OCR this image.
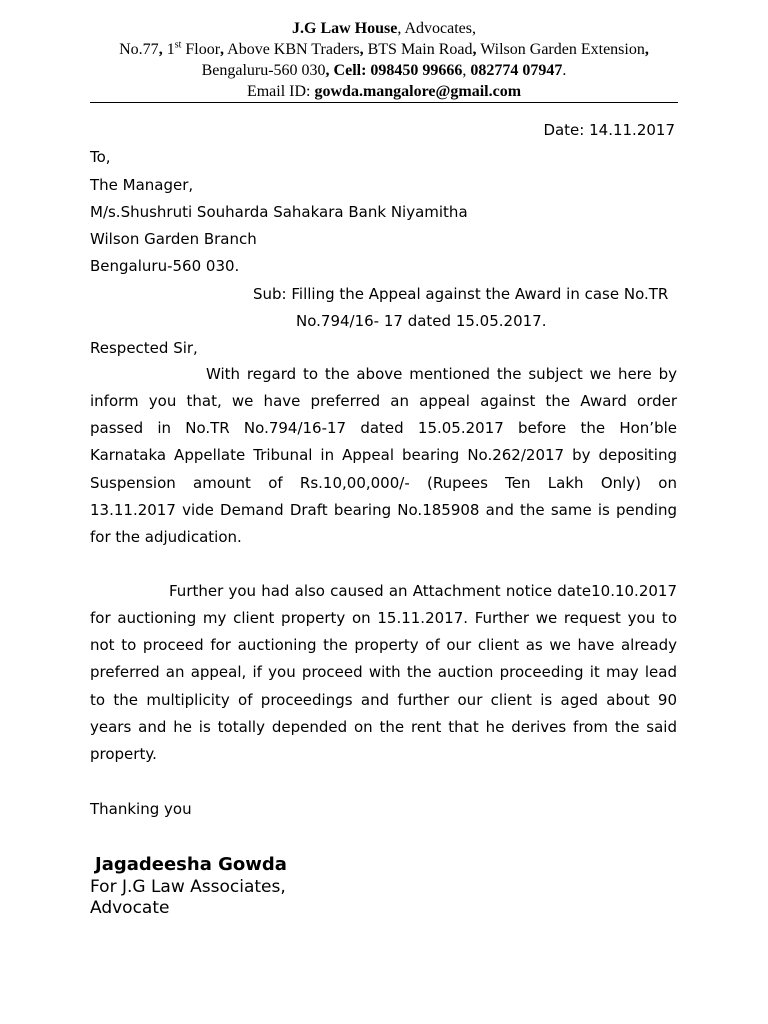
J.G Law House, Advocates,
No.77, 1st Floor, Above KBN Traders, BTS Main Road, Wilson Garden Extension,
Bengaluru-560 030, Cell: 098450 99666, 082774 07947.
Email ID: gowda.mangalore@gmail.com
Date: 14.11.2017
To,
The Manager,
M/s.Shushruti Souharda Sahakara Bank Niyamitha
Wilson Garden Branch
Bengaluru-560 030.
Sub: Filling the Appeal against the Award in case No.TR
No.794/16- 17 dated 15.05.2017.
Respected Sir,
With regard to the above mentioned the subject we here by
inform you that, we have preferred an appeal against the Award order
passed in No.TR No.794/16-17 dated 15.05.2017 before the Hon’ble
Karnataka Appellate Tribunal in Appeal bearing No.262/2017 by depositing
Suspension amount of Rs.10,00,000/- (Rupees Ten Lakh Only) on
13.11.2017 vide Demand Draft bearing No.185908 and the same is pending
for the adjudication.
Further you had also caused an Attachment notice date10.10.2017
for auctioning my client property on 15.11.2017. Further we request you to
not to proceed for auctioning the property of our client as we have already
preferred an appeal, if you proceed with the auction proceeding it may lead
to the multiplicity of proceedings and further our client is aged about 90
years and he is totally depended on the rent that he derives from the said
property.
Thanking you
Jagadeesha Gowda
For J.G Law Associates,
Advocate
